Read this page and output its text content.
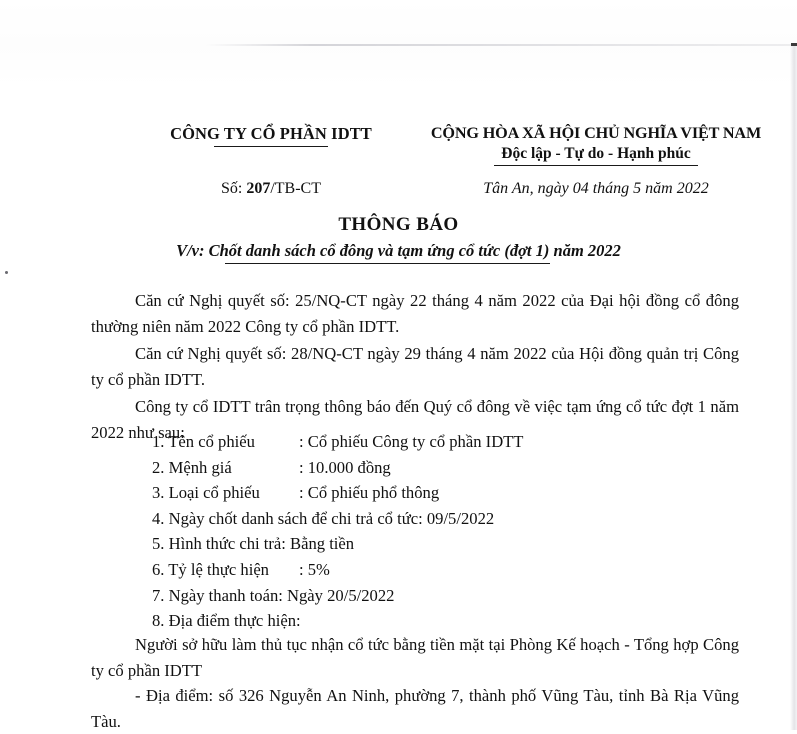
CÔNG TY CỔ PHẦN IDTT	CỘNG HÒA XÃ HỘI CHỦ NGHĨA VIỆT NAM
Độc lập - Tự do - Hạnh phúc
Số: 207/TB-CT	Tân An, ngày 04 tháng 5 năm 2022
THÔNG BÁO
V/v: Chốt danh sách cổ đông và tạm ứng cổ tức (đợt 1) năm 2022

Căn cứ Nghị quyết số: 25/NQ-CT ngày 22 tháng 4 năm 2022 của Đại hội đồng cổ đông thường niên năm 2022 Công ty cổ phần IDTT.

Căn cứ Nghị quyết số: 28/NQ-CT ngày 29 tháng 4 năm 2022 của Hội đồng quản trị Công ty cổ phần IDTT.

Công ty cổ IDTT trân trọng thông báo đến Quý cổ đông về việc tạm ứng cổ tức đợt 1 năm 2022 như sau:

1. Tên cổ phiếu	: Cổ phiếu Công ty cổ phần IDTT
2. Mệnh giá	: 10.000 đồng
3. Loại cổ phiếu	: Cổ phiếu phổ thông
4. Ngày chốt danh sách để chi trả cổ tức: 09/5/2022
5. Hình thức chi trả: Bằng tiền
6. Tỷ lệ thực hiện	: 5%
7. Ngày thanh toán: Ngày 20/5/2022
8. Địa điểm thực hiện:

Người sở hữu làm thủ tục nhận cổ tức bằng tiền mặt tại Phòng Kế hoạch - Tổng hợp Công ty cổ phần IDTT

- Địa điểm: số 326 Nguyễn An Ninh, phường 7, thành phố Vũng Tàu, tỉnh Bà Rịa Vũng Tàu.
